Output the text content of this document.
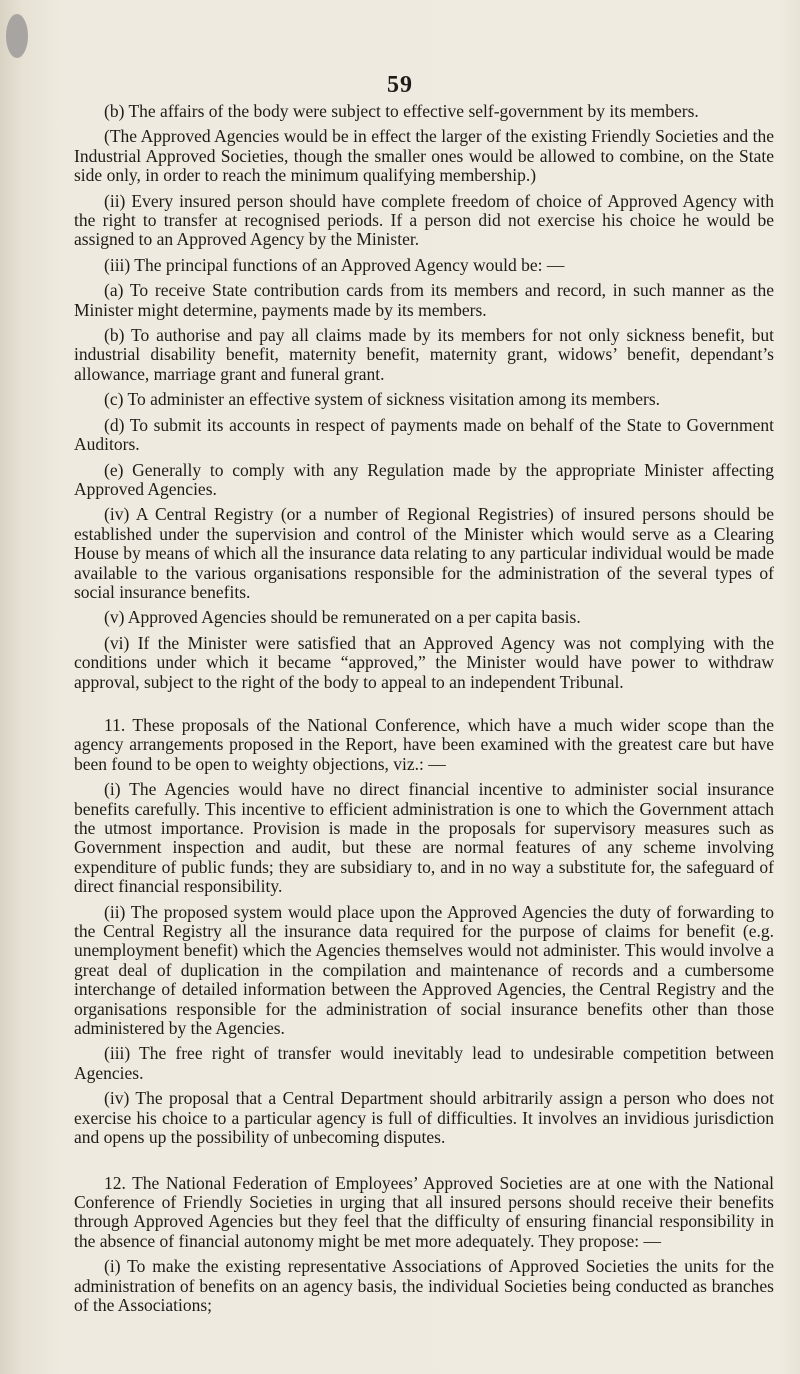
59

(b) The affairs of the body were subject to effective self-government by its members.

(The Approved Agencies would be in effect the larger of the existing Friendly Societies and the Industrial Approved Societies, though the smaller ones would be allowed to combine, on the State side only, in order to reach the minimum qualifying membership.)

(ii) Every insured person should have complete freedom of choice of Approved Agency with the right to transfer at recognised periods. If a person did not exercise his choice he would be assigned to an Approved Agency by the Minister.

(iii) The principal functions of an Approved Agency would be: —

(a) To receive State contribution cards from its members and record, in such manner as the Minister might determine, payments made by its members.

(b) To authorise and pay all claims made by its members for not only sickness benefit, but industrial disability benefit, maternity benefit, maternity grant, widows’ benefit, dependant’s allowance, marriage grant and funeral grant.

(c) To administer an effective system of sickness visitation among its members.

(d) To submit its accounts in respect of payments made on behalf of the State to Government Auditors.

(e) Generally to comply with any Regulation made by the appropriate Minister affecting Approved Agencies.

(iv) A Central Registry (or a number of Regional Registries) of insured persons should be established under the supervision and control of the Minister which would serve as a Clearing House by means of which all the insurance data relating to any particular individual would be made available to the various organisations responsible for the administration of the several types of social insurance benefits.

(v) Approved Agencies should be remunerated on a per capita basis.

(vi) If the Minister were satisfied that an Approved Agency was not complying with the conditions under which it became “approved,” the Minister would have power to withdraw approval, subject to the right of the body to appeal to an independent Tribunal.

11. These proposals of the National Conference, which have a much wider scope than the agency arrangements proposed in the Report, have been examined with the greatest care but have been found to be open to weighty objections, viz.: —

(i) The Agencies would have no direct financial incentive to administer social insurance benefits carefully. This incentive to efficient administration is one to which the Government attach the utmost importance. Provision is made in the proposals for supervisory measures such as Government inspection and audit, but these are normal features of any scheme involving expenditure of public funds; they are subsidiary to, and in no way a substitute for, the safeguard of direct financial responsibility.

(ii) The proposed system would place upon the Approved Agencies the duty of forwarding to the Central Registry all the insurance data required for the purpose of claims for benefit (e.g. unemployment benefit) which the Agencies themselves would not administer. This would involve a great deal of duplication in the compilation and maintenance of records and a cumbersome interchange of detailed information between the Approved Agencies, the Central Registry and the organisations responsible for the administration of social insurance benefits other than those administered by the Agencies.

(iii) The free right of transfer would inevitably lead to undesirable competition between Agencies.

(iv) The proposal that a Central Department should arbitrarily assign a person who does not exercise his choice to a particular agency is full of difficulties. It involves an invidious jurisdiction and opens up the possibility of unbecoming disputes.

12. The National Federation of Employees’ Approved Societies are at one with the National Conference of Friendly Societies in urging that all insured persons should receive their benefits through Approved Agencies but they feel that the difficulty of ensuring financial responsibility in the absence of financial autonomy might be met more adequately. They propose: —

(i) To make the existing representative Associations of Approved Societies the units for the administration of benefits on an agency basis, the individual Societies being conducted as branches of the Associations;
